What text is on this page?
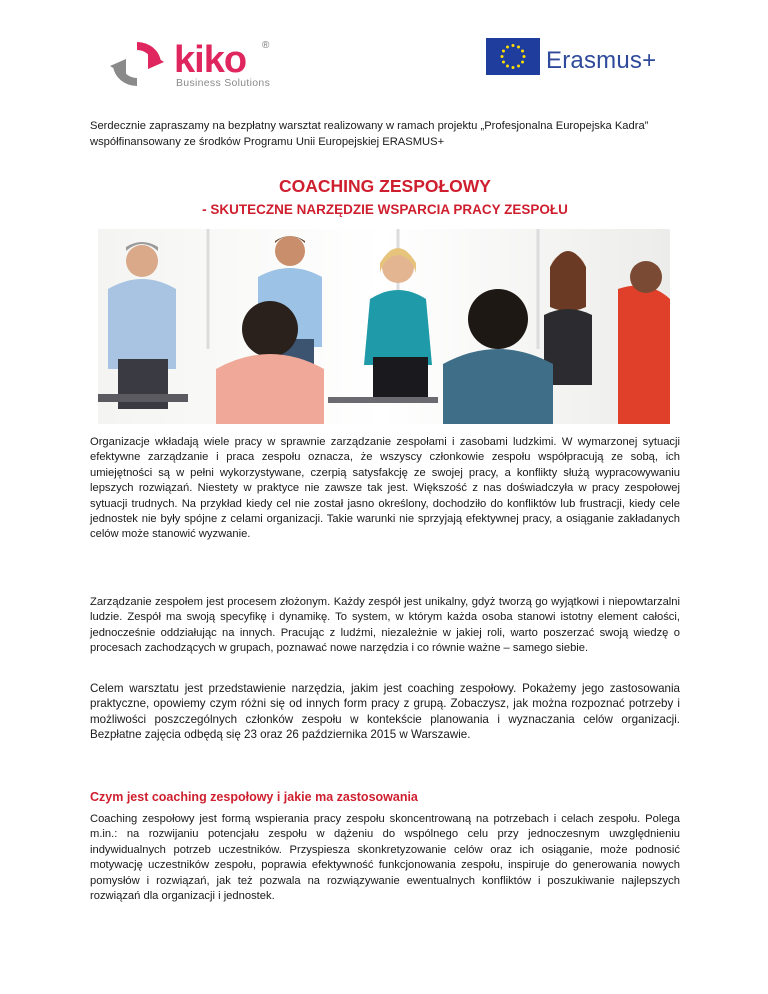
kiko ®
Business Solutions
Erasmus+

Serdecznie zapraszamy na bezpłatny warsztat realizowany w ramach projektu „Profesjonalna Europejska Kadra” współfinansowany ze środków Programu Unii Europejskiej ERASMUS+

COACHING ZESPOŁOWY
- SKUTECZNE NARZĘDZIE WSPARCIA PRACY ZESPOŁU

Organizacje wkładają wiele pracy w sprawnie zarządzanie zespołami i zasobami ludzkimi. W wymarzonej sytuacji efektywne zarządzanie i praca zespołu oznacza, że wszyscy członkowie zespołu współpracują ze sobą, ich umiejętności są w pełni wykorzystywane, czerpią satysfakcję ze swojej pracy, a konflikty służą wypracowywaniu lepszych rozwiązań. Niestety w praktyce nie zawsze tak jest. Większość z nas doświadczyła w pracy zespołowej sytuacji trudnych. Na przykład kiedy cel nie został jasno określony, dochodziło do konfliktów lub frustracji, kiedy cele jednostek nie były spójne z celami organizacji. Takie warunki nie sprzyjają efektywnej pracy, a osiąganie zakładanych celów może stanowić wyzwanie.

Zarządzanie zespołem jest procesem złożonym. Każdy zespół jest unikalny, gdyż tworzą go wyjątkowi i niepowtarzalni ludzie. Zespół ma swoją specyfikę i dynamikę. To system, w którym każda osoba stanowi istotny element całości, jednocześnie oddziałując na innych. Pracując z ludźmi, niezależnie w jakiej roli, warto poszerzać swoją wiedzę o procesach zachodzących w grupach, poznawać nowe narzędzia i co równie ważne – samego siebie.

Celem warsztatu jest przedstawienie narzędzia, jakim jest coaching zespołowy. Pokażemy jego zastosowania praktyczne, opowiemy czym różni się od innych form pracy z grupą. Zobaczysz, jak można rozpoznać potrzeby i możliwości poszczególnych członków zespołu w kontekście planowania i wyznaczania celów organizacji. Bezpłatne zajęcia odbędą się 23 oraz 26 października 2015 w Warszawie.

Czym jest coaching zespołowy i jakie ma zastosowania

Coaching zespołowy jest formą wspierania pracy zespołu skoncentrowaną na potrzebach i celach zespołu. Polega m.in.: na rozwijaniu potencjału zespołu w dążeniu do wspólnego celu przy jednoczesnym uwzględnieniu indywidualnych potrzeb uczestników. Przyspiesza skonkretyzowanie celów oraz ich osiąganie, może podnosić motywację uczestników zespołu, poprawia efektywność funkcjonowania zespołu, inspiruje do generowania nowych pomysłów i rozwiązań, jak też pozwala na rozwiązywanie ewentualnych konfliktów i poszukiwanie najlepszych rozwiązań dla organizacji i jednostek.
